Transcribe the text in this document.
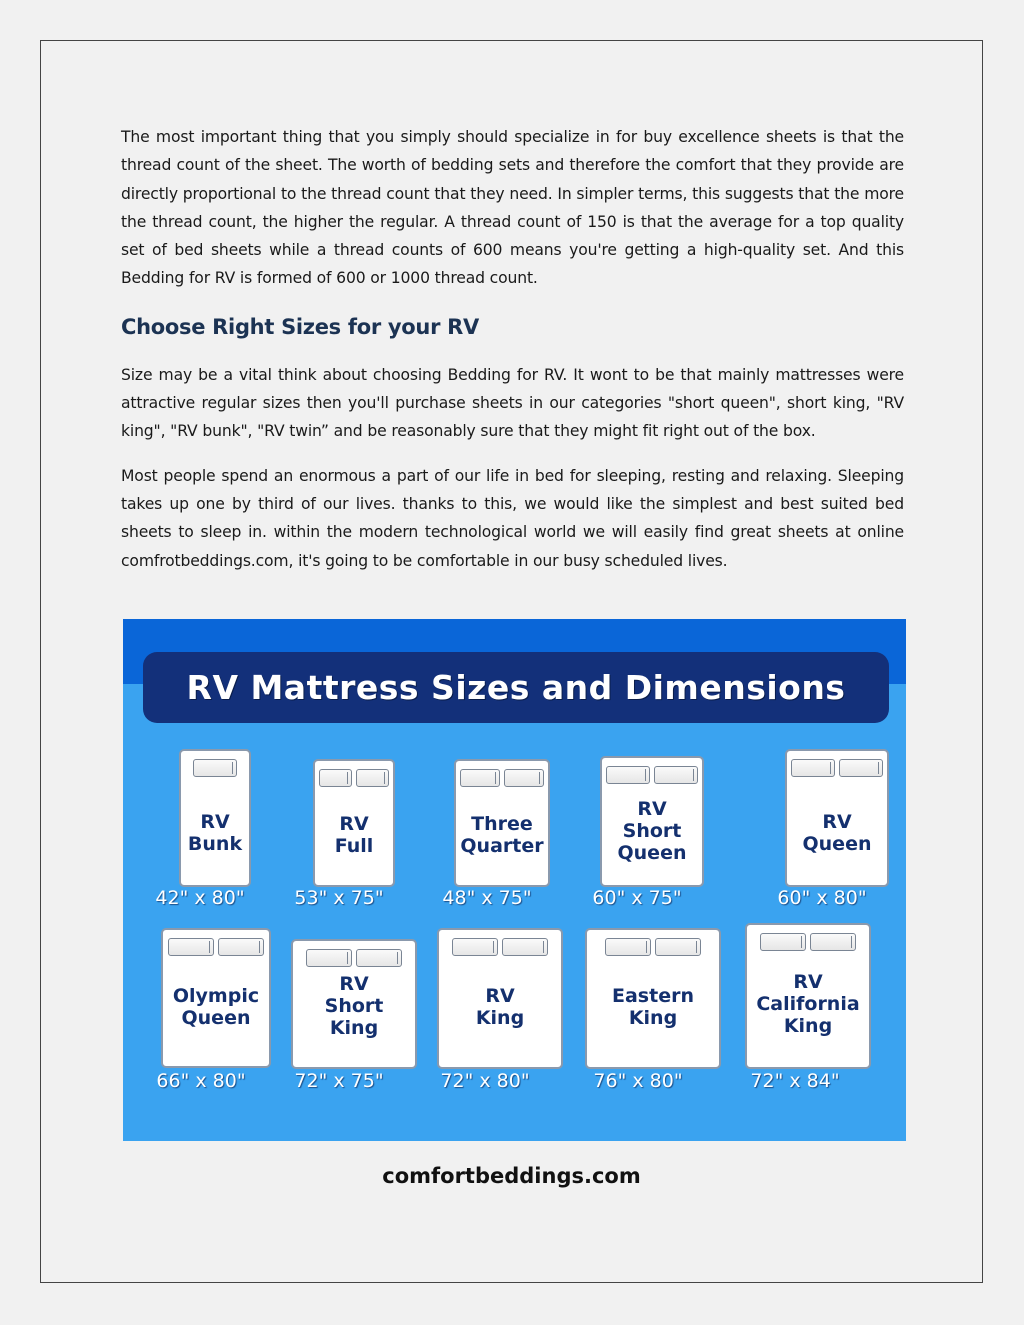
The most important thing that you simply should specialize in for buy excellence sheets is that the thread count of the sheet. The worth of bedding sets and therefore the comfort that they provide are directly proportional to the thread count that they need. In simpler terms, this suggests that the more the thread count, the higher the regular. A thread count of 150 is that the average for a top quality set of bed sheets while a thread counts of 600 means you're getting a high-quality set. And this Bedding for RV is formed of 600 or 1000 thread count.

Choose Right Sizes for your RV

Size may be a vital think about choosing Bedding for RV. It wont to be that mainly mattresses were attractive regular sizes then you'll purchase sheets in our categories "short queen", short king, "RV king", "RV bunk", "RV twin” and be reasonably sure that they might fit right out of the box.

Most people spend an enormous a part of our life in bed for sleeping, resting and relaxing. Sleeping takes up one by third of our lives. thanks to this, we would like the simplest and best suited bed sheets to sleep in. within the modern technological world we will easily find great sheets at online comfrotbeddings.com, it's going to be comfortable in our busy scheduled lives.

RV Mattress Sizes and Dimensions
RV
Bunk
42" x 80"
RV
Full
53" x 75"
Three
Quarter
48" x 75"
RV
Short
Queen
60" x 75"
RV
Queen
60" x 80"
Olympic
Queen
66" x 80"
RV
Short
King
72" x 75"
RV
King
72" x 80"
Eastern
King
76" x 80"
RV
California
King
72" x 84"
comfortbeddings.com
